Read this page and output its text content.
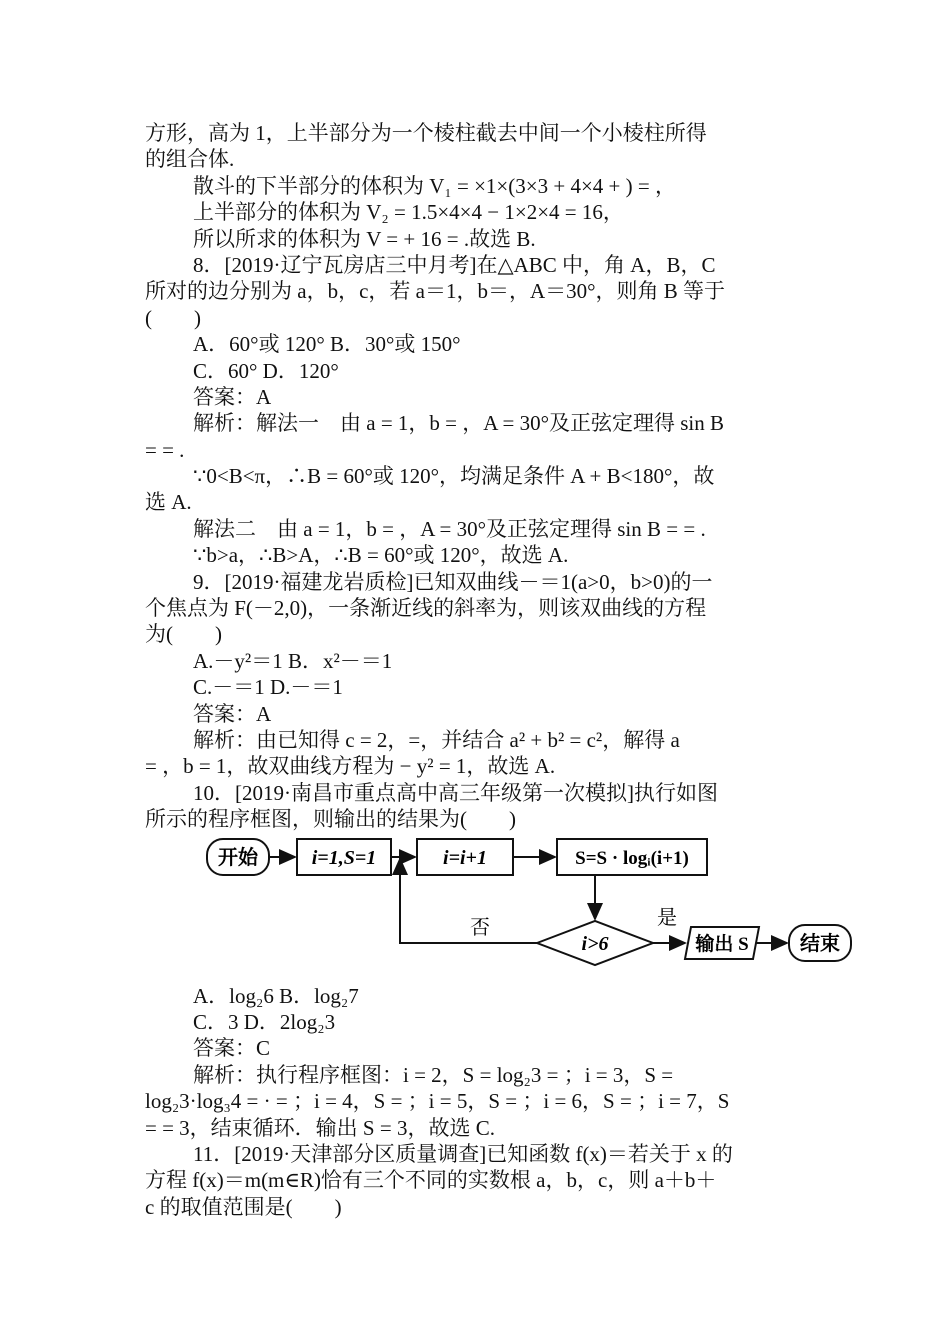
方形，高为 1，上半部分为一个棱柱截去中间一个小棱柱所得
的组合体.
散斗的下半部分的体积为 V₁ = ×1×(3×3 + 4×4 + ) = ，
上半部分的体积为 V₂ = 1.5×4×4 − 1×2×4 = 16，
所以所求的体积为 V = + 16 = .故选 B.
8．[2019·辽宁瓦房店三中月考]在△ABC 中，角 A，B，C
所对的边分别为 a，b，c，若 a＝1，b＝，A＝30°，则角 B 等于
(　　)
A．60°或 120° B．30°或 150°
C．60° D．120°
答案：A
解析：解法一　由 a = 1，b = ，A = 30°及正弦定理得 sin B
= = .
∵0<B<π，∴B = 60°或 120°，均满足条件 A + B<180°，故
选 A.
解法二　由 a = 1，b = ，A = 30°及正弦定理得 sin B = = .
∵b>a，∴B>A，∴B = 60°或 120°，故选 A.
9．[2019·福建龙岩质检]已知双曲线－＝1(a>0，b>0)的一
个焦点为 F(－2,0)，一条渐近线的斜率为，则该双曲线的方程
为(　　)
A.－y²＝1 B．x²－＝1
C.－＝1 D.－＝1
答案：A
解析：由已知得 c = 2，=，并结合 a² + b² = c²，解得 a
= ，b = 1，故双曲线方程为 − y² = 1，故选 A.
10．[2019·南昌市重点高中高三年级第一次模拟]执行如图
所示的程序框图，则输出的结果为(　　)
开始	i=1,S=1	i=i+1	S=S · logᵢ(i+1)
i>6
否	是
输出 S	结束
A．log₂6 B．log₂7
C．3 D．2log₂3
答案：C
解析：执行程序框图：i = 2，S = log₂3 = ；i = 3，S =
log₂3·log₃4 = · = ；i = 4，S = ；i = 5，S = ；i = 6，S = ；i = 7，S
= = 3，结束循环．输出 S = 3，故选 C.
11．[2019·天津部分区质量调查]已知函数 f(x)＝若关于 x 的
方程 f(x)＝m(m∈R)恰有三个不同的实数根 a，b，c，则 a＋b＋
c 的取值范围是(　　)
